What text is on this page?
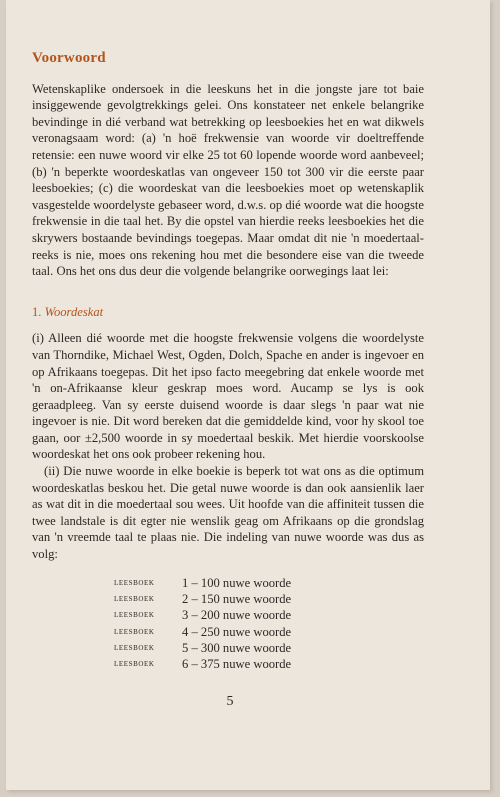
Voorwoord

Wetenskaplike ondersoek in die leeskuns het in die jongste jare tot baie insiggewende gevolgtrekkings gelei. Ons konstateer net enkele belangrike bevindinge in dié verband wat betrekking op leesboekies het en wat dikwels veronagsaam word: (a) 'n hoë frekwensie van woorde vir doeltreffende retensie: een nuwe woord vir elke 25 tot 60 lopende woorde word aanbeveel; (b) 'n beperkte woordeskatlas van ongeveer 150 tot 300 vir die eerste paar leesboekies; (c) die woordeskat van die leesboekies moet op wetenskaplik vasgestelde woordelyste gebaseer word, d.w.s. op dié woorde wat die hoogste frekwensie in die taal het. By die opstel van hierdie reeks leesboekies het die skrywers bostaande bevindings toegepas. Maar omdat dit nie 'n moedertaal-reeks is nie, moes ons rekening hou met die besondere eise van die tweede taal. Ons het ons dus deur die volgende belangrike oorwegings laat lei:

1. Woordeskat

(i) Alleen dié woorde met die hoogste frekwensie volgens die woordelyste van Thorndike, Michael West, Ogden, Dolch, Spache en ander is ingevoer en op Afrikaans toegepas. Dit het ipso facto meegebring dat enkele woorde met 'n on-Afrikaanse kleur geskrap moes word. Aucamp se lys is ook geraadpleeg. Van sy eerste duisend woorde is daar slegs 'n paar wat nie ingevoer is nie. Dit word bereken dat die gemiddelde kind, voor hy skool toe gaan, oor ±2,500 woorde in sy moedertaal beskik. Met hierdie voorskoolse woordeskat het ons ook probeer rekening hou.

(ii) Die nuwe woorde in elke boekie is beperk tot wat ons as die optimum woordeskatlas beskou het. Die getal nuwe woorde is dan ook aansienlik laer as wat dit in die moedertaal sou wees. Uit hoofde van die affiniteit tussen die twee landstale is dit egter nie wenslik geag om Afrikaans op die grondslag van 'n vreemde taal te plaas nie. Die indeling van nuwe woorde was dus as volg:

leesboek	1 – 100 nuwe woorde
leesboek	2 – 150 nuwe woorde
leesboek	3 – 200 nuwe woorde
leesboek	4 – 250 nuwe woorde
leesboek	5 – 300 nuwe woorde
leesboek	6 – 375 nuwe woorde
5
